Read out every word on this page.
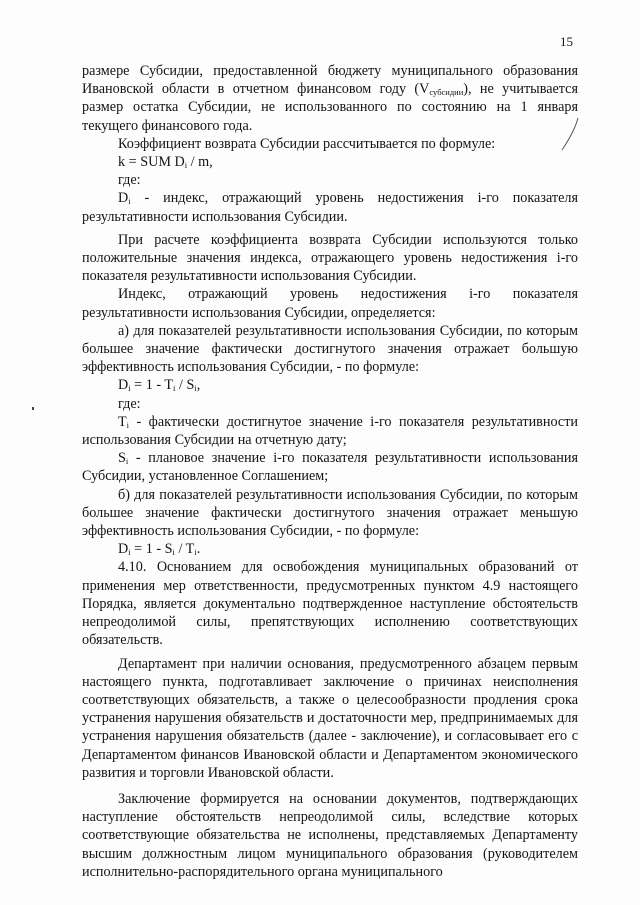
15

размере Субсидии, предоставленной бюджету муниципального образования Ивановской области в отчетном финансовом году $(V_{субсидии})$, не учитывается размер остатка Субсидии, не использованного по состоянию на 1 января текущего финансового года.

Коэффициент возврата Субсидии рассчитывается по формуле:

k = SUM $D_i$ / m,

где:

$D_i$ - индекс, отражающий уровень недостижения i-го показателя результативности использования Субсидии.

При расчете коэффициента возврата Субсидии используются только положительные значения индекса, отражающего уровень недостижения i-го показателя результативности использования Субсидии.

Индекс, отражающий уровень недостижения i-го показателя результативности использования Субсидии, определяется:

а) для показателей результативности использования Субсидии, по которым большее значение фактически достигнутого значения отражает большую эффективность использования Субсидии, - по формуле:

$D_i = 1 - T_i / S_i$,

где:

$T_i$ - фактически достигнутое значение i-го показателя результативности использования Субсидии на отчетную дату;

$S_i$ - плановое значение i-го показателя результативности использования Субсидии, установленное Соглашением;

б) для показателей результативности использования Субсидии, по которым большее значение фактически достигнутого значения отражает меньшую эффективность использования Субсидии, - по формуле:

$D_i = 1 - S_i / T_i$.

4.10. Основанием для освобождения муниципальных образований от применения мер ответственности, предусмотренных пунктом 4.9 настоящего Порядка, является документально подтвержденное наступление обстоятельств непреодолимой силы, препятствующих исполнению соответствующих обязательств.

Департамент при наличии основания, предусмотренного абзацем первым настоящего пункта, подготавливает заключение о причинах неисполнения соответствующих обязательств, а также о целесообразности продления срока устранения нарушения обязательств и достаточности мер, предпринимаемых для устранения нарушения обязательств (далее - заключение), и согласовывает его с Департаментом финансов Ивановской области и Департаментом экономического развития и торговли Ивановской области.

Заключение формируется на основании документов, подтверждающих наступление обстоятельств непреодолимой силы, вследствие которых соответствующие обязательства не исполнены, представляемых Департаменту высшим должностным лицом муниципального образования (руководителем исполнительно-распорядительного органа муниципального
